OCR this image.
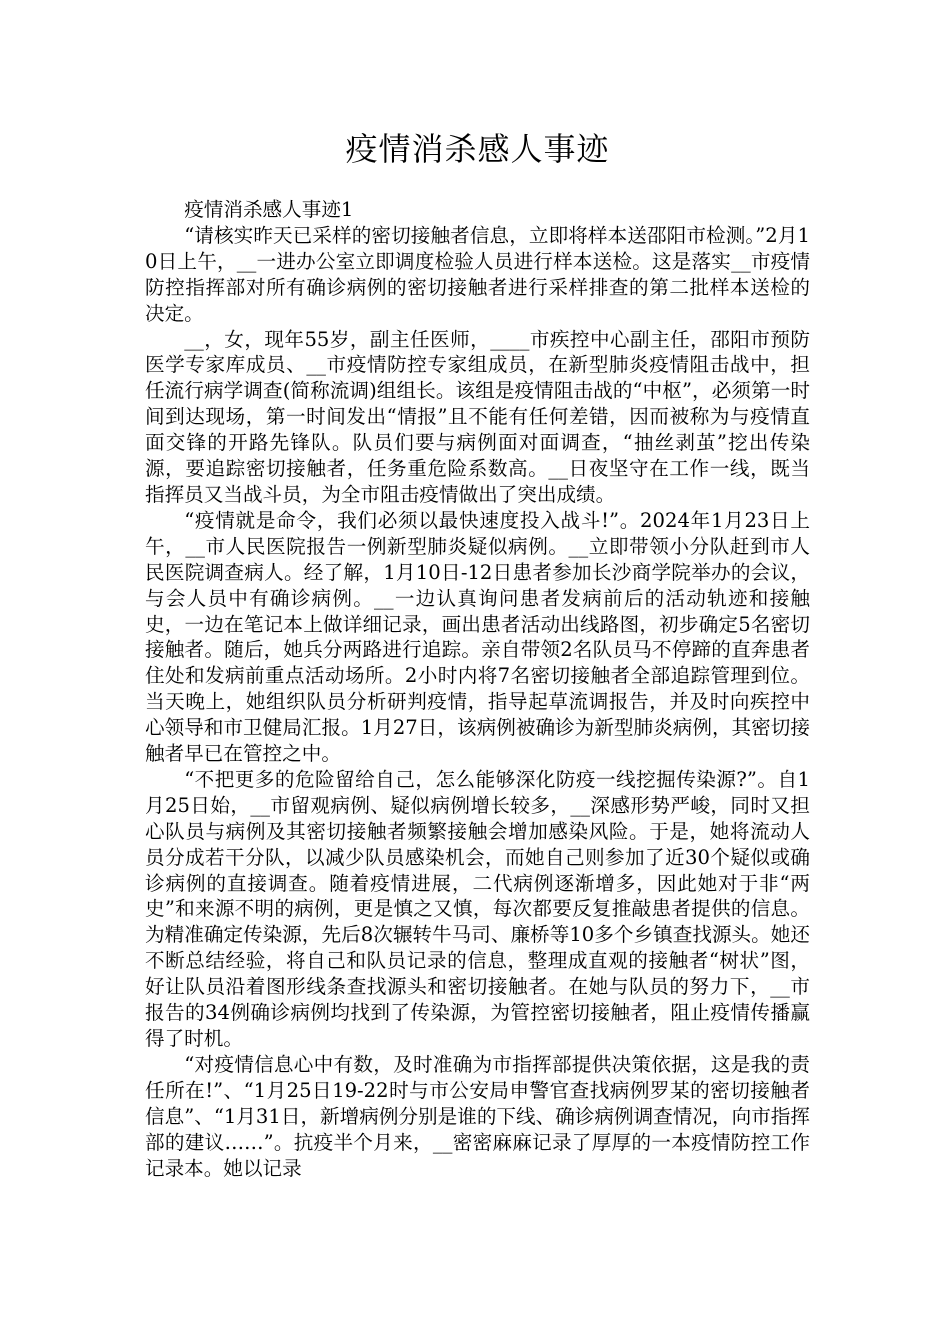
疫情消杀感人事迹

疫情消杀感人事迹1

“请核实昨天已采样的密切接触者信息，立即将样本送邵阳市检测。”2月10日上午，__一进办公室立即调度检验人员进行样本送检。这是落实__市疫情防控指挥部对所有确诊病例的密切接触者进行采样排查的第二批样本送检的决定。

__，女，现年55岁，副主任医师，____市疾控中心副主任，邵阳市预防医学专家库成员、__市疫情防控专家组成员，在新型肺炎疫情阻击战中，担任流行病学调查(简称流调)组组长。该组是疫情阻击战的“中枢”，必须第一时间到达现场，第一时间发出“情报”且不能有任何差错，因而被称为与疫情直面交锋的开路先锋队。队员们要与病例面对面调查，“抽丝剥茧”挖出传染源，要追踪密切接触者，任务重危险系数高。__日夜坚守在工作一线，既当指挥员又当战斗员，为全市阻击疫情做出了突出成绩。

“疫情就是命令，我们必须以最快速度投入战斗!”。2024年1月23日上午，__市人民医院报告一例新型肺炎疑似病例。__立即带领小分队赶到市人民医院调查病人。经了解，1月10日-12日患者参加长沙商学院举办的会议，与会人员中有确诊病例。__一边认真询问患者发病前后的活动轨迹和接触史，一边在笔记本上做详细记录，画出患者活动出线路图，初步确定5名密切接触者。随后，她兵分两路进行追踪。亲自带领2名队员马不停蹄的直奔患者住处和发病前重点活动场所。2小时内将7名密切接触者全部追踪管理到位。当天晚上，她组织队员分析研判疫情，指导起草流调报告，并及时向疾控中心领导和市卫健局汇报。1月27日，该病例被确诊为新型肺炎病例，其密切接触者早已在管控之中。

“不把更多的危险留给自己，怎么能够深化防疫一线挖掘传染源?”。自1月25日始，__市留观病例、疑似病例增长较多，__深感形势严峻，同时又担心队员与病例及其密切接触者频繁接触会增加感染风险。于是，她将流动人员分成若干分队，以减少队员感染机会，而她自己则参加了近30个疑似或确诊病例的直接调查。随着疫情进展，二代病例逐渐增多，因此她对于非“两史”和来源不明的病例，更是慎之又慎，每次都要反复推敲患者提供的信息。为精准确定传染源，先后8次辗转牛马司、廉桥等10多个乡镇查找源头。她还不断总结经验，将自己和队员记录的信息，整理成直观的接触者“树状”图，好让队员沿着图形线条查找源头和密切接触者。在她与队员的努力下，__市报告的34例确诊病例均找到了传染源，为管控密切接触者，阻止疫情传播赢得了时机。

“对疫情信息心中有数，及时准确为市指挥部提供决策依据，这是我的责任所在!”、“1月25日19-22时与市公安局申警官查找病例罗某的密切接触者信息”、“1月31日，新增病例分别是谁的下线、确诊病例调查情况，向市指挥部的建议……”。抗疫半个月来，__密密麻麻记录了厚厚的一本疫情防控工作记录本。她以记录
